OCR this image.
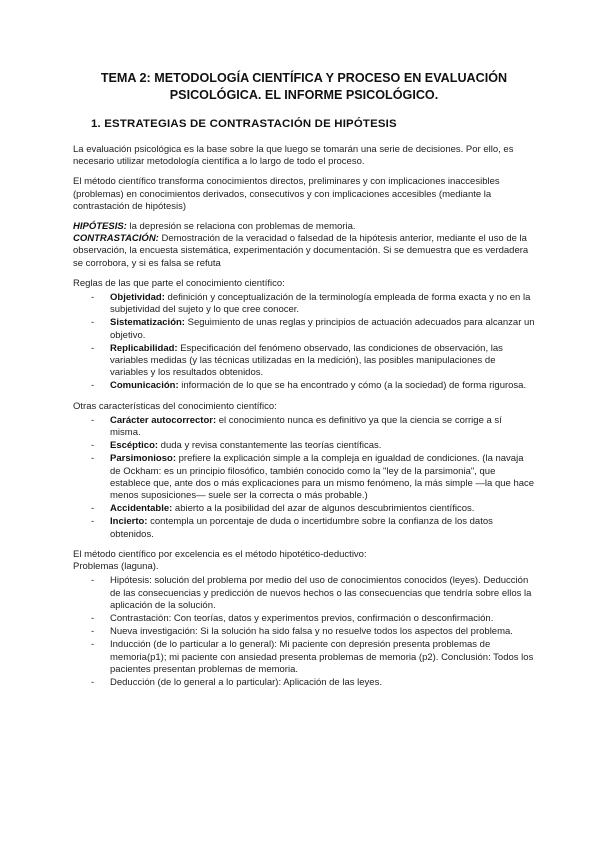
TEMA 2: METODOLOGÍA CIENTÍFICA Y PROCESO EN EVALUACIÓN
PSICOLÓGICA. EL INFORME PSICOLÓGICO.
1. ESTRATEGIAS DE CONTRASTACIÓN DE HIPÓTESIS

La evaluación psicológica es la base sobre la que luego se tomarán una serie de decisiones. Por ello, es necesario utilizar metodología científica a lo largo de todo el proceso.

El método científico transforma conocimientos directos, preliminares y con implicaciones inaccesibles (problemas) en conocimientos derivados, consecutivos y con implicaciones accesibles (mediante la contrastación de hipótesis)

HIPÓTESIS: la depresión se relaciona con problemas de memoria.
CONTRASTACIÓN: Demostración de la veracidad o falsedad de la hipótesis anterior, mediante el uso de la observación, la encuesta sistemática, experimentación y documentación. Si se demuestra que es verdadera se corrobora, y si es falsa se refuta

Reglas de las que parte el conocimiento científico:

- Objetividad: definición y conceptualización de la terminología empleada de forma exacta y no en la subjetividad del sujeto y lo que cree conocer.
- Sistematización: Seguimiento de unas reglas y principios de actuación adecuados para alcanzar un objetivo.
- Replicabilidad: Especificación del fenómeno observado, las condiciones de observación, las variables medidas (y las técnicas utilizadas en la medición), las posibles manipulaciones de variables y los resultados obtenidos.
- Comunicación: información de lo que se ha encontrado y cómo (a la sociedad) de forma rigurosa.

Otras características del conocimiento científico:

- Carácter autocorrector: el conocimiento nunca es definitivo ya que la ciencia se corrige a sí misma.
- Escéptico: duda y revisa constantemente las teorías científicas.
- Parsimonioso: prefiere la explicación simple a la compleja en igualdad de condiciones. (la navaja de Ockham: es un principio filosófico, también conocido como la "ley de la parsimonia", que establece que, ante dos o más explicaciones para un mismo fenómeno, la más simple —la que hace menos suposiciones— suele ser la correcta o más probable.)
- Accidentable: abierto a la posibilidad del azar de algunos descubrimientos científicos.
- Incierto: contempla un porcentaje de duda o incertidumbre sobre la confianza de los datos obtenidos.

El método científico por excelencia es el método hipotético-deductivo:
Problemas (laguna).

- Hipótesis: solución del problema por medio del uso de conocimientos conocidos (leyes). Deducción de las consecuencias y predicción de nuevos hechos o las consecuencias que tendría sobre ellos la aplicación de la solución.
- Contrastación: Con teorías, datos y experimentos previos, confirmación o desconfirmación.
- Nueva investigación: Si la solución ha sido falsa y no resuelve todos los aspectos del problema.
- Inducción (de lo particular a lo general): Mi paciente con depresión presenta problemas de memoria(p1); mi paciente con ansiedad presenta problemas de memoria (p2). Conclusión: Todos los pacientes presentan problemas de memoria.
- Deducción (de lo general a lo particular): Aplicación de las leyes.
